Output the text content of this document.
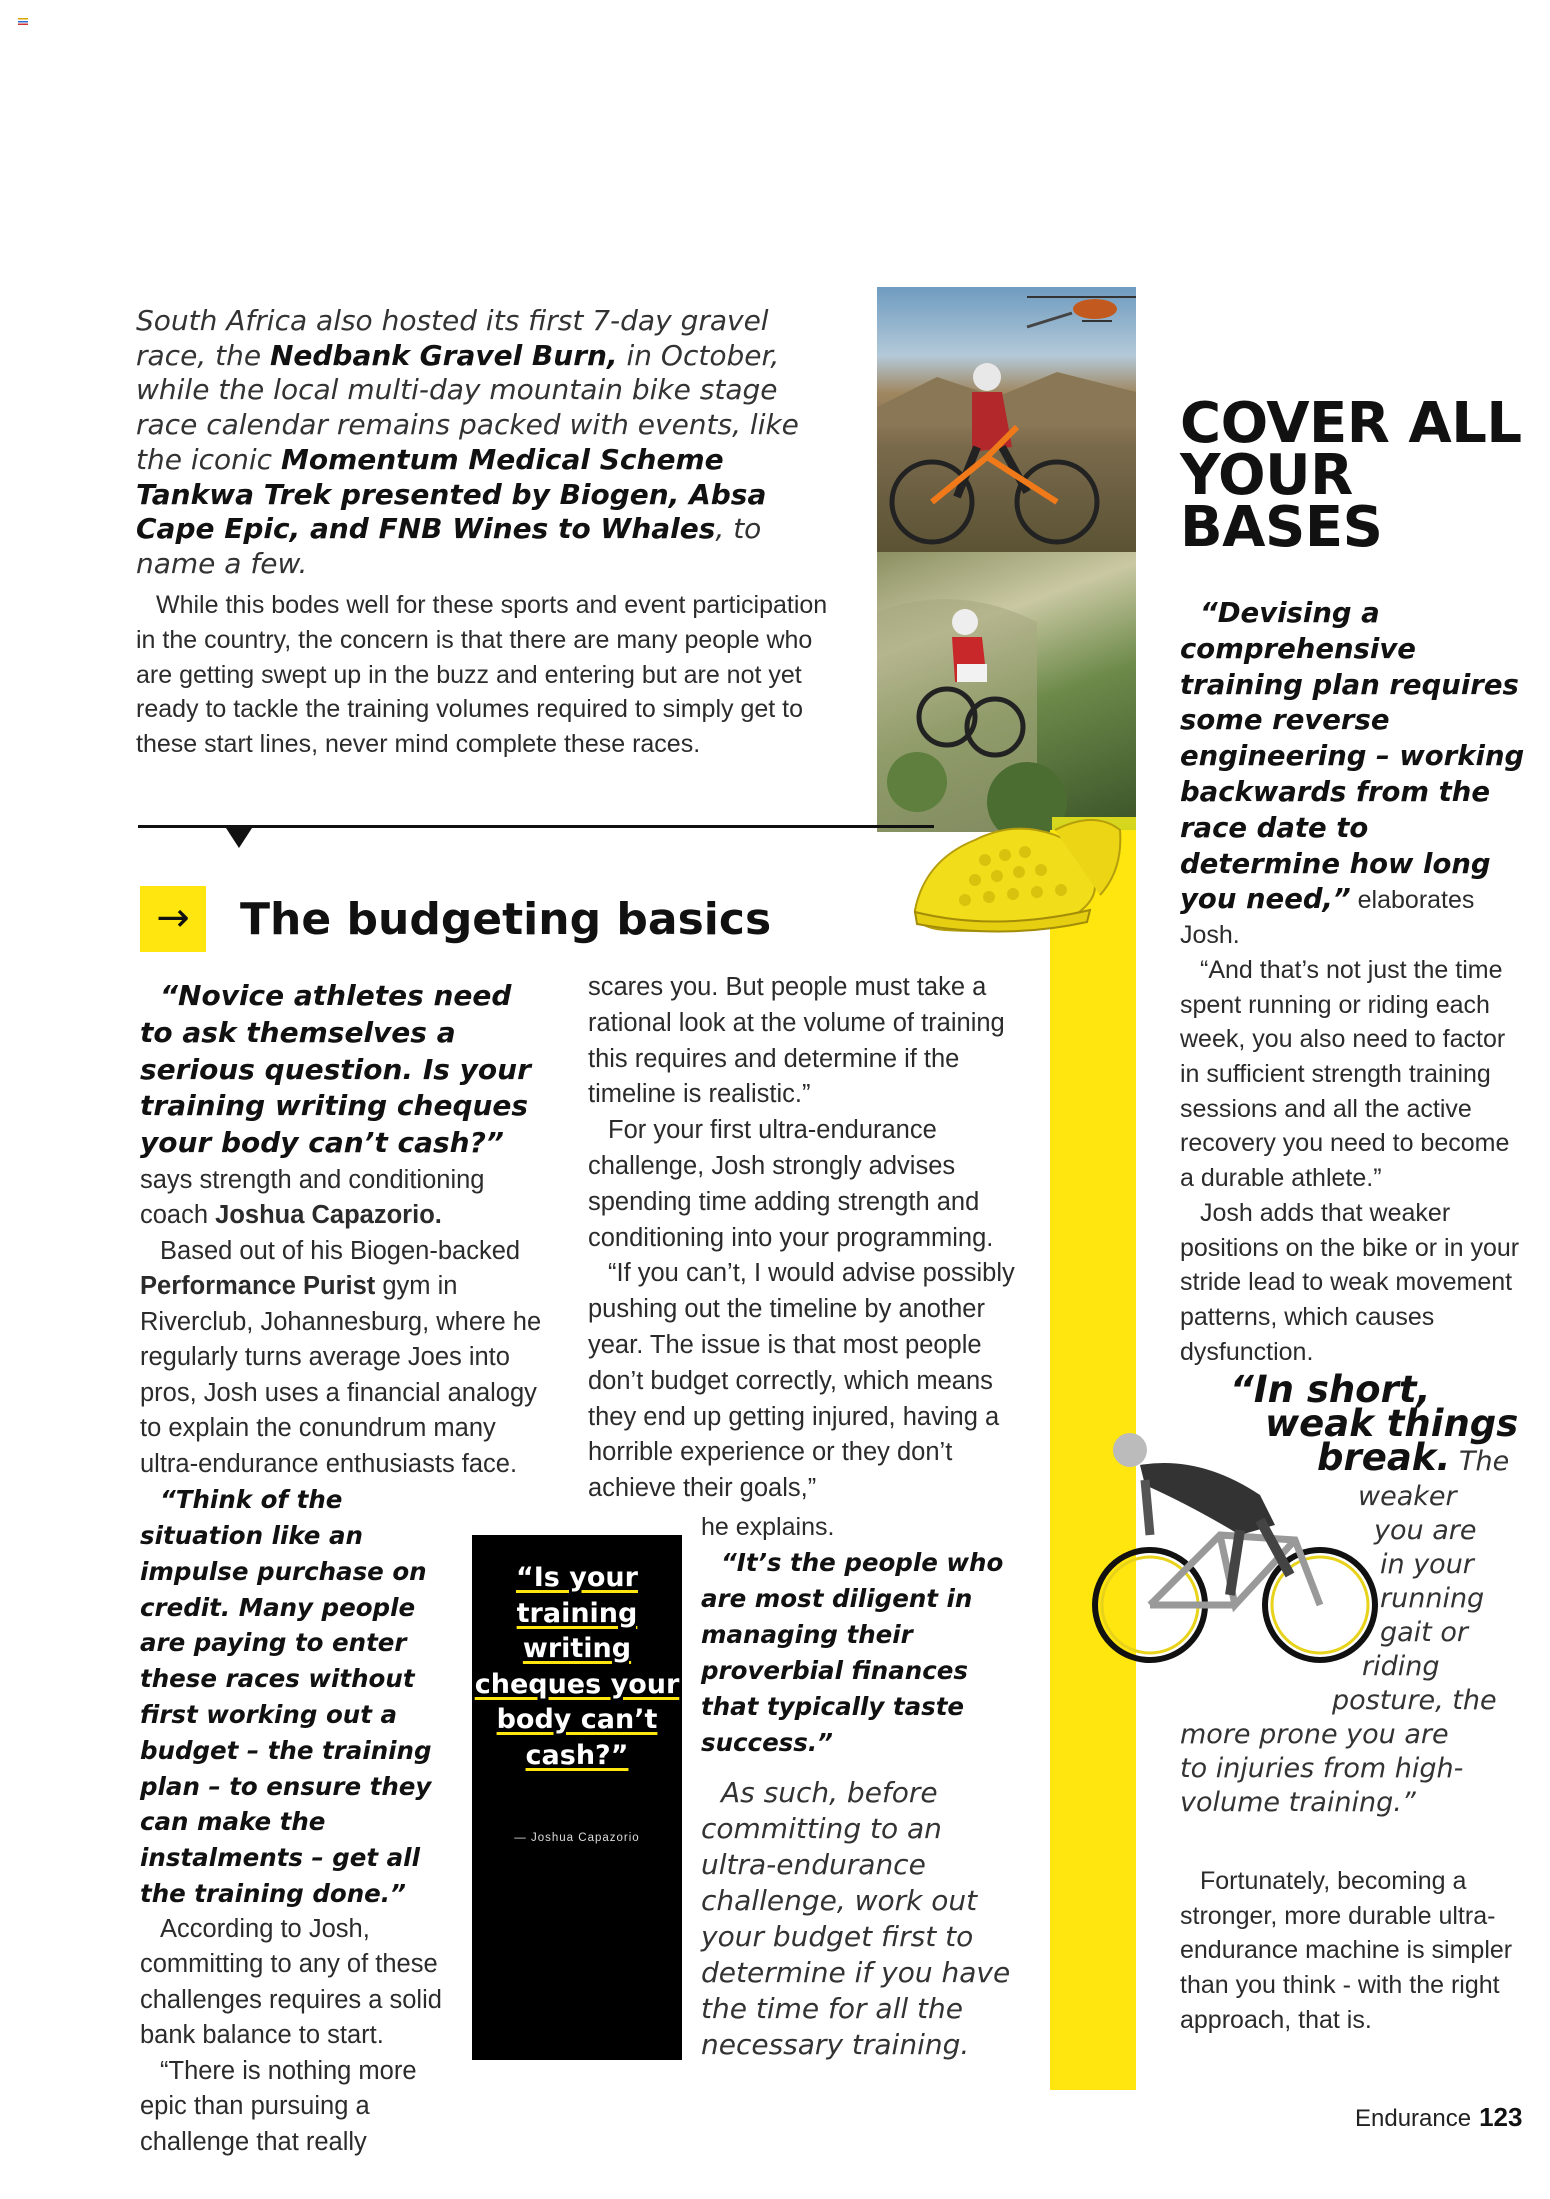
South Africa also hosted its first 7-day gravel race, the Nedbank Gravel Burn, in October, while the local multi-day mountain bike stage race calendar remains packed with events, like the iconic Momentum Medical Scheme Tankwa Trek presented by Biogen, Absa Cape Epic, and FNB Wines to Whales, to name a few.

While this bodes well for these sports and event participation in the country, the concern is that there are many people who are getting swept up in the buzz and entering but are not yet ready to tackle the training volumes required to simply get to these start lines, never mind complete these races.

→	The budgeting basics

“Novice athletes need to ask themselves a serious question. Is your training writing cheques your body can’t cash?” says strength and conditioning coach Joshua Capazorio.

Based out of his Biogen-backed Performance Purist gym in Riverclub, Johannesburg, where he regularly turns average Joes into pros, Josh uses a financial analogy to explain the conundrum many ultra-endurance enthusiasts face.

“Think of the situation like an impulse purchase on credit. Many people are paying to enter these races without first working out a budget – the training plan – to ensure they can make the instalments – get all the training done.”

According to Josh, committing to any of these challenges requires a solid bank balance to start.

“There is nothing more epic than pursuing a challenge that really

scares you. But people must take a rational look at the volume of training this requires and determine if the timeline is realistic.”

For your first ultra-endurance challenge, Josh strongly advises spending time adding strength and conditioning into your programming.

“If you can’t, I would advise possibly pushing out the timeline by another year. The issue is that most people don’t budget correctly, which means they end up getting injured, having a horrible experience or they don’t achieve their goals,”

he explains.

“It’s the people who are most diligent in managing their proverbial finances that typically taste success.”

As such, before committing to an ultra-endurance challenge, work out your budget first to determine if you have the time for all the necessary training.

“Is your training writing cheques your body can’t cash?”
— Joshua Capazorio
COVER ALL YOUR BASES

“Devising a comprehensive training plan requires some reverse engineering – working backwards from the race date to determine how long you need,” elaborates Josh.

“And that’s not just the time spent running or riding each week, you also need to factor in sufficient strength training sessions and all the active recovery you need to become a durable athlete.”

Josh adds that weaker positions on the bike or in your stride lead to weak movement patterns, which causes dysfunction.

“In short,
weak things
break. The
weaker
you are
in your
running
gait or
riding
posture, the
more prone you are
to injuries from high-
volume training.”

Fortunately, becoming a stronger, more durable ultra-endurance machine is simpler than you think - with the right approach, that is.

Endurance 123
